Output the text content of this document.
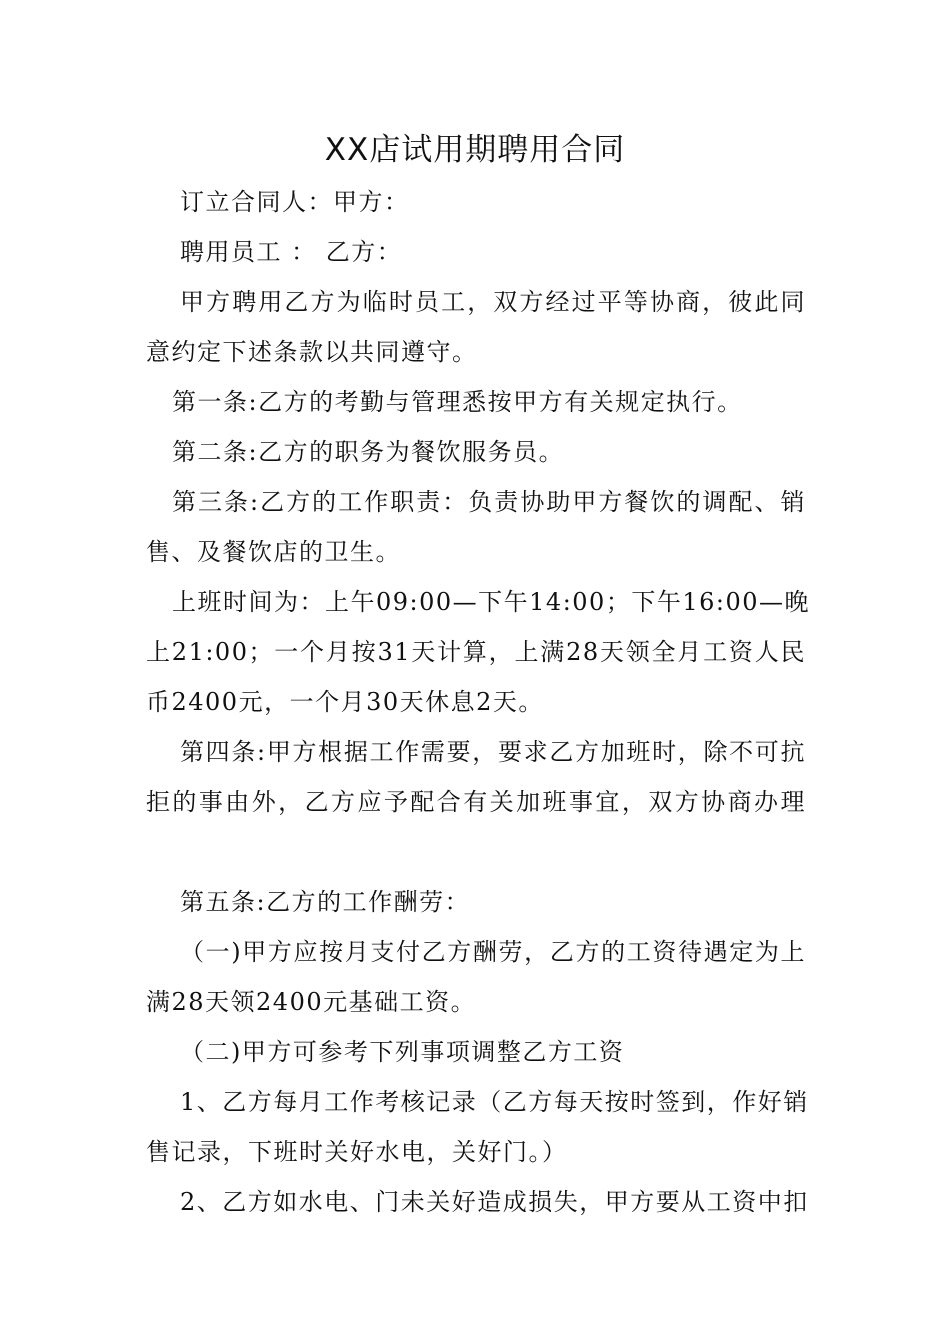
XX店试用期聘用合同
订立合同人：甲方：
聘用员工 ： 乙方：
甲方聘用乙方为临时员工，双方经过平等协商，彼此同
意约定下述条款以共同遵守。
第一条:乙方的考勤与管理悉按甲方有关规定执行。
第二条:乙方的职务为餐饮服务员。
第三条:乙方的工作职责：负责协助甲方餐饮的调配、销
售、及餐饮店的卫生。
上班时间为：上午09:00—下午14:00；下午16:00—晚
上21:00；一个月按31天计算，上满28天领全月工资人民
币2400元，一个月30天休息2天。
第四条:甲方根据工作需要，要求乙方加班时，除不可抗
拒的事由外，乙方应予配合有关加班事宜，双方协商办理
第五条:乙方的工作酬劳：
（一)甲方应按月支付乙方酬劳，乙方的工资待遇定为上
满28天领2400元基础工资。
（二)甲方可参考下列事项调整乙方工资
1、乙方每月工作考核记录（乙方每天按时签到，作好销
售记录，下班时关好水电，关好门。）
2、乙方如水电、门未关好造成损失，甲方要从工资中扣
